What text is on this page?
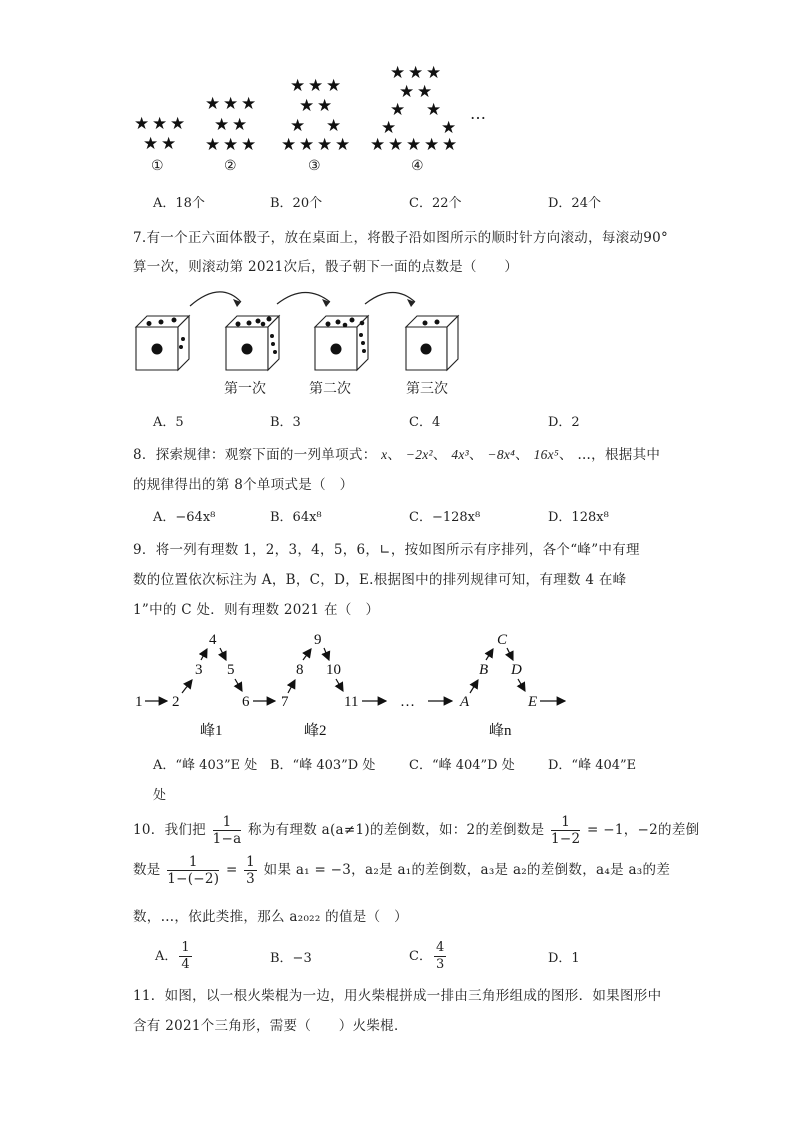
★ ★ ★
★ ★
★ ★ ★
★ ★
★ ★ ★
★ ★ ★
★ ★
★ ★
★ ★ ★ ★
★ ★ ★
★ ★
★ ★
★	★
★ ★ ★ ★ ★
…
①	②	③	④
A．18个	B．20个	C．22个	D．24个
7.有一个正六面体骰子，放在桌面上，将骰子沿如图所示的顺时针方向滚动，每滚动90°
算一次，则滚动第 2021次后，骰子朝下一面的点数是（　　）
第一次	第二次	第三次
A．5	B．3	C．4	D．2
8．探索规律：观察下面的一列单项式： x、 −2x²、 4x³、 −8x⁴、 16x⁵、 …，根据其中
的规律得出的第 8个单项式是（　）
A．−64x⁸	B．64x⁸	C．−128x⁸	D．128x⁸
9．将一列有理数 1，2，3，4，5，6，∟，按如图所示有序排列，各个“峰”中有理
数的位置依次标注为 A，B，C，D，E.根据图中的排列规律可知，有理数 4 在峰
1”中的 C 处．则有理数 2021 在（　）
1 2
3
4
5
6 7
8
9
10
11	…	A
B
C
D
E
峰1	峰2	峰n
A．“峰 403”E 处 B．“峰 403”D 处	C．“峰 404”D 处	D．“峰 404”E
处
10．我们把 $\frac{1}{1-a}$ 称为有理数 a(a≠1)的差倒数，如：2的差倒数是 $\frac{1}{1-2} = -1$，−2的差倒
数是 $\frac{1}{1-(-2)} = \frac{1}{3}$ 如果 a₁ = −3，a₂是 a₁的差倒数，a₃是 a₂的差倒数，a₄是 a₃的差
数，…，依此类推，那么 a₂₀₂₂ 的值是（　）
A． $\frac{1}{4}$	B．−3	C． $\frac{4}{3}$	D．1
11．如图，以一根火柴棍为一边，用火柴棍拼成一排由三角形组成的图形．如果图形中
含有 2021个三角形，需要（　　）火柴棍．
